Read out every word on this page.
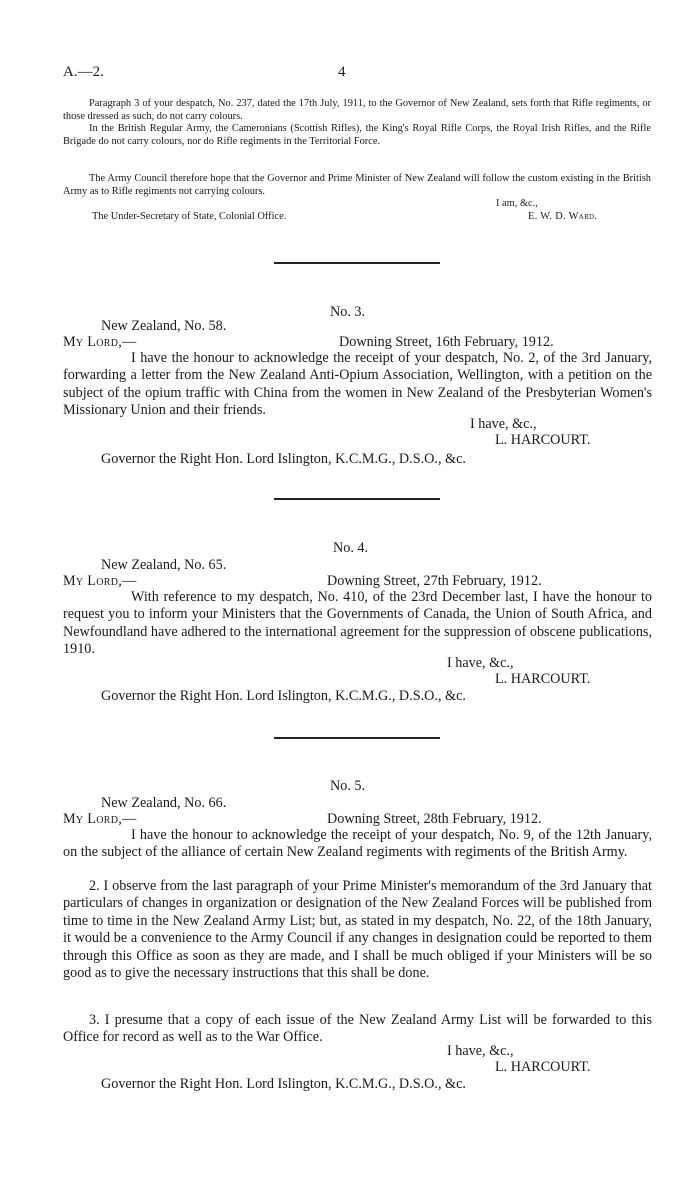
A.—2.	4
Paragraph 3 of your despatch, No. 237, dated the 17th July, 1911, to the Governor of New Zealand, sets forth that Rifle regiments, or those dressed as such, do not carry colours.
In the British Regular Army, the Cameronians (Scottish Rifles), the King's Royal Rifle Corps, the Royal Irish Rifles, and the Rifle Brigade do not carry colours, nor do Rifle regiments in the Territorial Force.
The Army Council therefore hope that the Governor and Prime Minister of New Zealand will follow the custom existing in the British Army as to Rifle regiments not carrying colours.
I am, &c.,
The Under-Secretary of State, Colonial Office.	E. W. D. Ward.
No. 3.
New Zealand, No. 58.
My Lord,—	Downing Street, 16th February, 1912.
I have the honour to acknowledge the receipt of your despatch, No. 2, of the 3rd January, forwarding a letter from the New Zealand Anti-Opium Association, Wellington, with a petition on the subject of the opium traffic with China from the women in New Zealand of the Presbyterian Women's Missionary Union and their friends.
I have, &c.,
L. HARCOURT.
Governor the Right Hon. Lord Islington, K.C.M.G., D.S.O., &c.
No. 4.
New Zealand, No. 65.
My Lord,—	Downing Street, 27th February, 1912.
With reference to my despatch, No. 410, of the 23rd December last, I have the honour to request you to inform your Ministers that the Governments of Canada, the Union of South Africa, and Newfoundland have adhered to the international agreement for the suppression of obscene publications, 1910.
I have, &c.,
L. HARCOURT.
Governor the Right Hon. Lord Islington, K.C.M.G., D.S.O., &c.
No. 5.
New Zealand, No. 66.
My Lord,—	Downing Street, 28th February, 1912.
I have the honour to acknowledge the receipt of your despatch, No. 9, of the 12th January, on the subject of the alliance of certain New Zealand regiments with regiments of the British Army.
2. I observe from the last paragraph of your Prime Minister's memorandum of the 3rd January that particulars of changes in organization or designation of the New Zealand Forces will be published from time to time in the New Zealand Army List; but, as stated in my despatch, No. 22, of the 18th January, it would be a convenience to the Army Council if any changes in designation could be reported to them through this Office as soon as they are made, and I shall be much obliged if your Ministers will be so good as to give the necessary instructions that this shall be done.
3. I presume that a copy of each issue of the New Zealand Army List will be forwarded to this Office for record as well as to the War Office.
I have, &c.,
L. HARCOURT.
Governor the Right Hon. Lord Islington, K.C.M.G., D.S.O., &c.
